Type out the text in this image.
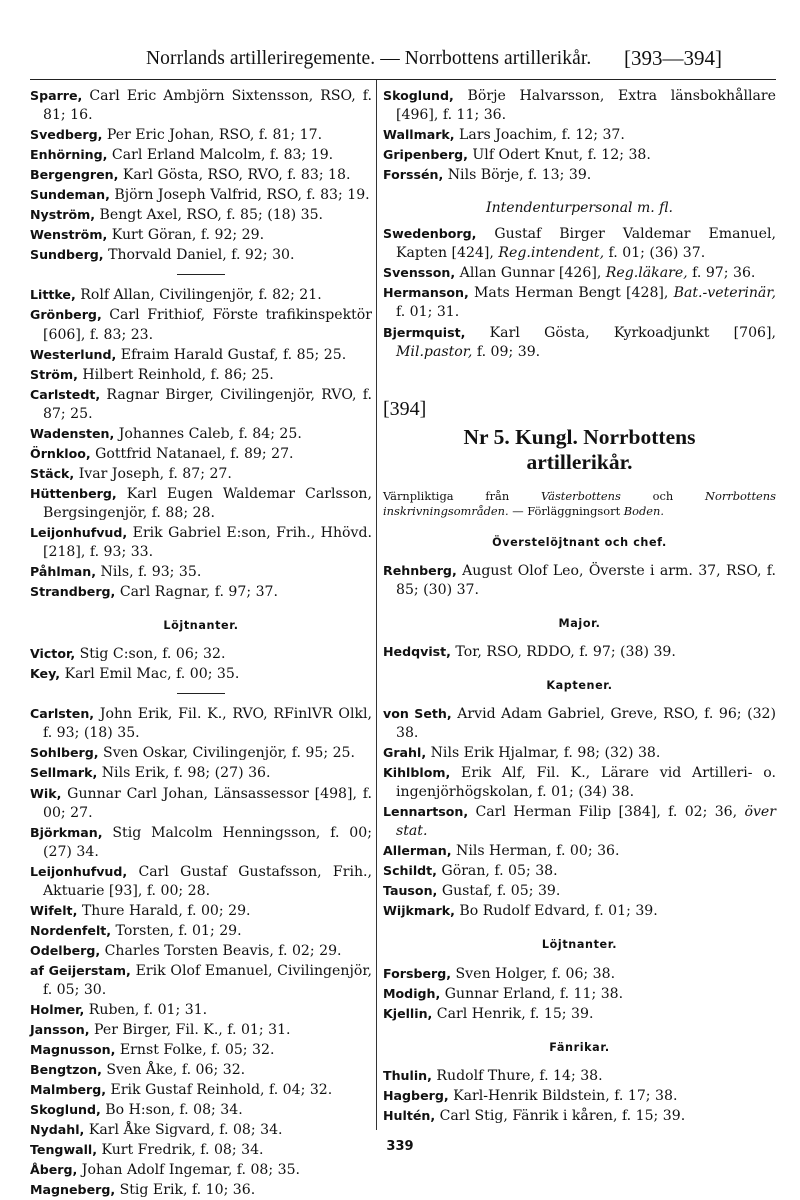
Norrlands artilleriregemente. — Norrbottens artillerikår. [393—394]
Sparre, Carl Eric Ambjörn Sixtensson, RSO, f. 81; 16.
Svedberg, Per Eric Johan, RSO, f. 81; 17.
Enhörning, Carl Erland Malcolm, f. 83; 19.
Bergengren, Karl Gösta, RSO, RVO, f. 83; 18.
Sundeman, Björn Joseph Valfrid, RSO, f. 83; 19.
Nyström, Bengt Axel, RSO, f. 85; (18) 35.
Wenström, Kurt Göran, f. 92; 29.
Sundberg, Thorvald Daniel, f. 92; 30.
Littke, Rolf Allan, Civilingenjör, f. 82; 21.
Grönberg, Carl Frithiof, Förste trafikinspektör [606], f. 83; 23.
Westerlund, Efraim Harald Gustaf, f. 85; 25.
Ström, Hilbert Reinhold, f. 86; 25.
Carlstedt, Ragnar Birger, Civilingenjör, RVO, f. 87; 25.
Wadensten, Johannes Caleb, f. 84; 25.
Örnkloo, Gottfrid Natanael, f. 89; 27.
Stäck, Ivar Joseph, f. 87; 27.
Hüttenberg, Karl Eugen Waldemar Carlsson, Bergsingenjör, f. 88; 28.
Leijonhufvud, Erik Gabriel E:son, Frih., Hhövd. [218], f. 93; 33.
Påhlman, Nils, f. 93; 35.
Strandberg, Carl Ragnar, f. 97; 37.
Löjtnanter.
Victor, Stig C:son, f. 06; 32.
Key, Karl Emil Mac, f. 00; 35.
Carlsten, John Erik, Fil. K., RVO, RFinlVR Olkl, f. 93; (18) 35.
Sohlberg, Sven Oskar, Civilingenjör, f. 95; 25.
Sellmark, Nils Erik, f. 98; (27) 36.
Wik, Gunnar Carl Johan, Länsassessor [498], f. 00; 27.
Björkman, Stig Malcolm Henningsson, f. 00; (27) 34.
Leijonhufvud, Carl Gustaf Gustafsson, Frih., Aktuarie [93], f. 00; 28.
Wifelt, Thure Harald, f. 00; 29.
Nordenfelt, Torsten, f. 01; 29.
Odelberg, Charles Torsten Beavis, f. 02; 29.
af Geijerstam, Erik Olof Emanuel, Civilingenjör, f. 05; 30.
Holmer, Ruben, f. 01; 31.
Jansson, Per Birger, Fil. K., f. 01; 31.
Magnusson, Ernst Folke, f. 05; 32.
Bengtzon, Sven Åke, f. 06; 32.
Malmberg, Erik Gustaf Reinhold, f. 04; 32.
Skoglund, Bo H:son, f. 08; 34.
Nydahl, Karl Åke Sigvard, f. 08; 34.
Tengwall, Kurt Fredrik, f. 08; 34.
Åberg, Johan Adolf Ingemar, f. 08; 35.
Magneberg, Stig Erik, f. 10; 36.
Skoglund, Börje Halvarsson, Extra länsbokhållare [496], f. 11; 36.
Wallmark, Lars Joachim, f. 12; 37.
Gripenberg, Ulf Odert Knut, f. 12; 38.
Forssén, Nils Börje, f. 13; 39.
Intendenturpersonal m. fl.
Swedenborg, Gustaf Birger Valdemar Emanuel, Kapten [424], Reg.intendent, f. 01; (36) 37.
Svensson, Allan Gunnar [426], Reg.läkare, f. 97; 36.
Hermanson, Mats Herman Bengt [428], Bat.-veterinär, f. 01; 31.
Bjermquist, Karl Gösta, Kyrkoadjunkt [706], Mil.pastor, f. 09; 39.
[394]
Nr 5. Kungl. Norrbottens
artillerikår.
Värnpliktiga från Västerbottens och Norrbottens inskrivningsområden. — Förläggningsort Boden.
Överstelöjtnant och chef.
Rehnberg, August Olof Leo, Överste i arm. 37, RSO, f. 85; (30) 37.
Major.
Hedqvist, Tor, RSO, RDDO, f. 97; (38) 39.
Kaptener.
von Seth, Arvid Adam Gabriel, Greve, RSO, f. 96; (32) 38.
Grahl, Nils Erik Hjalmar, f. 98; (32) 38.
Kihlblom, Erik Alf, Fil. K., Lärare vid Artilleri- o. ingenjörhögskolan, f. 01; (34) 38.
Lennartson, Carl Herman Filip [384], f. 02; 36, över stat.
Allerman, Nils Herman, f. 00; 36.
Schildt, Göran, f. 05; 38.
Tauson, Gustaf, f. 05; 39.
Wijkmark, Bo Rudolf Edvard, f. 01; 39.
Löjtnanter.
Forsberg, Sven Holger, f. 06; 38.
Modigh, Gunnar Erland, f. 11; 38.
Kjellin, Carl Henrik, f. 15; 39.
Fänrikar.
Thulin, Rudolf Thure, f. 14; 38.
Hagberg, Karl-Henrik Bildstein, f. 17; 38.
Hultén, Carl Stig, Fänrik i kåren, f. 15; 39.
339
